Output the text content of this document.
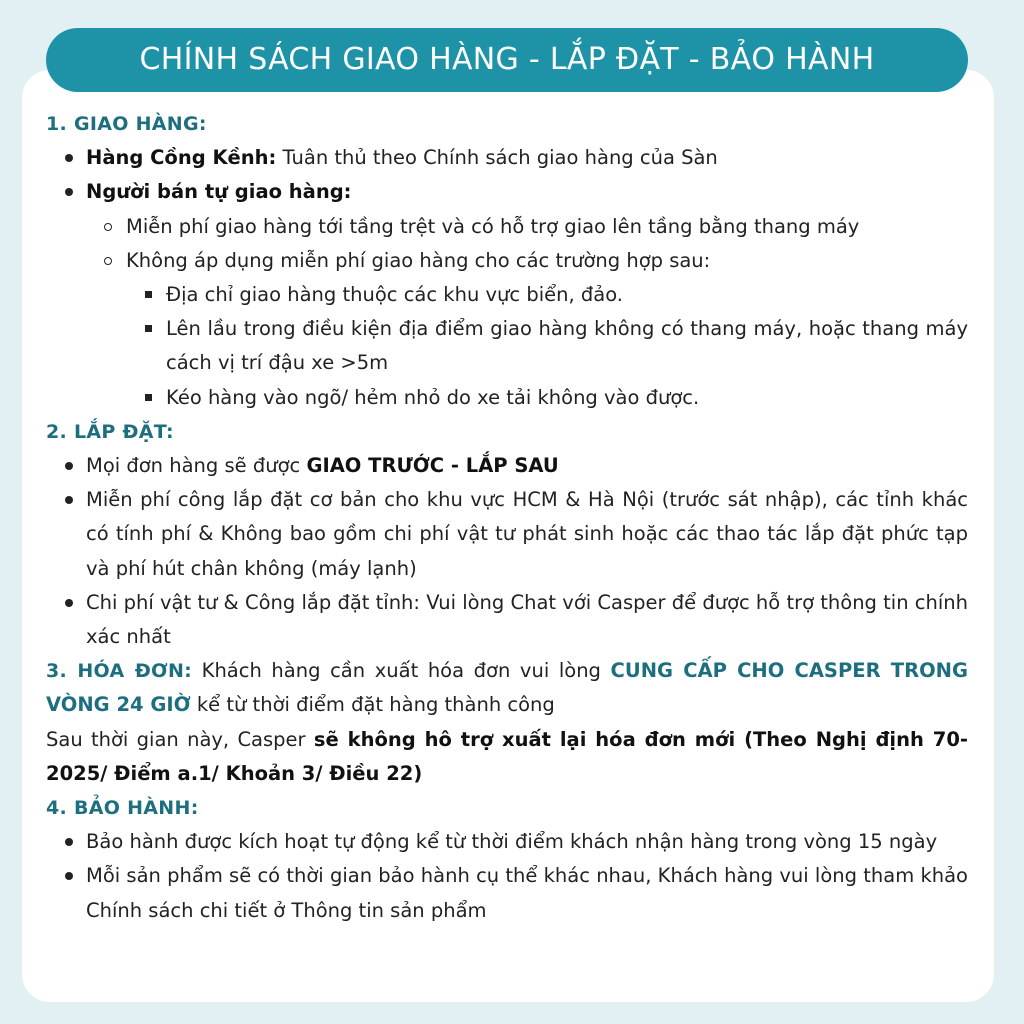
CHÍNH SÁCH GIAO HÀNG - LẮP ĐẶT - BẢO HÀNH

1. GIAO HÀNG:

Hàng Cồng Kềnh: Tuân thủ theo Chính sách giao hàng của Sàn

Người bán tự giao hàng:

Miễn phí giao hàng tới tầng trệt và có hỗ trợ giao lên tầng bằng thang máy

Không áp dụng miễn phí giao hàng cho các trường hợp sau:

Địa chỉ giao hàng thuộc các khu vực biển, đảo.

Lên lầu trong điều kiện địa điểm giao hàng không có thang máy, hoặc thang máy cách vị trí đậu xe >5m

Kéo hàng vào ngõ/ hẻm nhỏ do xe tải không vào được.

2. LẮP ĐẶT:

Mọi đơn hàng sẽ được GIAO TRƯỚC - LẮP SAU

Miễn phí công lắp đặt cơ bản cho khu vực HCM & Hà Nội (trước sát nhập), các tỉnh khác có tính phí & Không bao gồm chi phí vật tư phát sinh hoặc các thao tác lắp đặt phức tạp và phí hút chân không (máy lạnh)

Chi phí vật tư & Công lắp đặt tỉnh: Vui lòng Chat với Casper để được hỗ trợ thông tin chính xác nhất

3. HÓA ĐƠN: Khách hàng cần xuất hóa đơn vui lòng CUNG CẤP CHO CASPER TRONG VÒNG 24 GIỜ kể từ thời điểm đặt hàng thành công

Sau thời gian này, Casper sẽ không hô trợ xuất lại hóa đơn mới (Theo Nghị định 70-2025/ Điểm a.1/ Khoản 3/ Điều 22)

4. BẢO HÀNH:

Bảo hành được kích hoạt tự động kể từ thời điểm khách nhận hàng trong vòng 15 ngày

Mỗi sản phẩm sẽ có thời gian bảo hành cụ thể khác nhau, Khách hàng vui lòng tham khảo Chính sách chi tiết ở Thông tin sản phẩm
